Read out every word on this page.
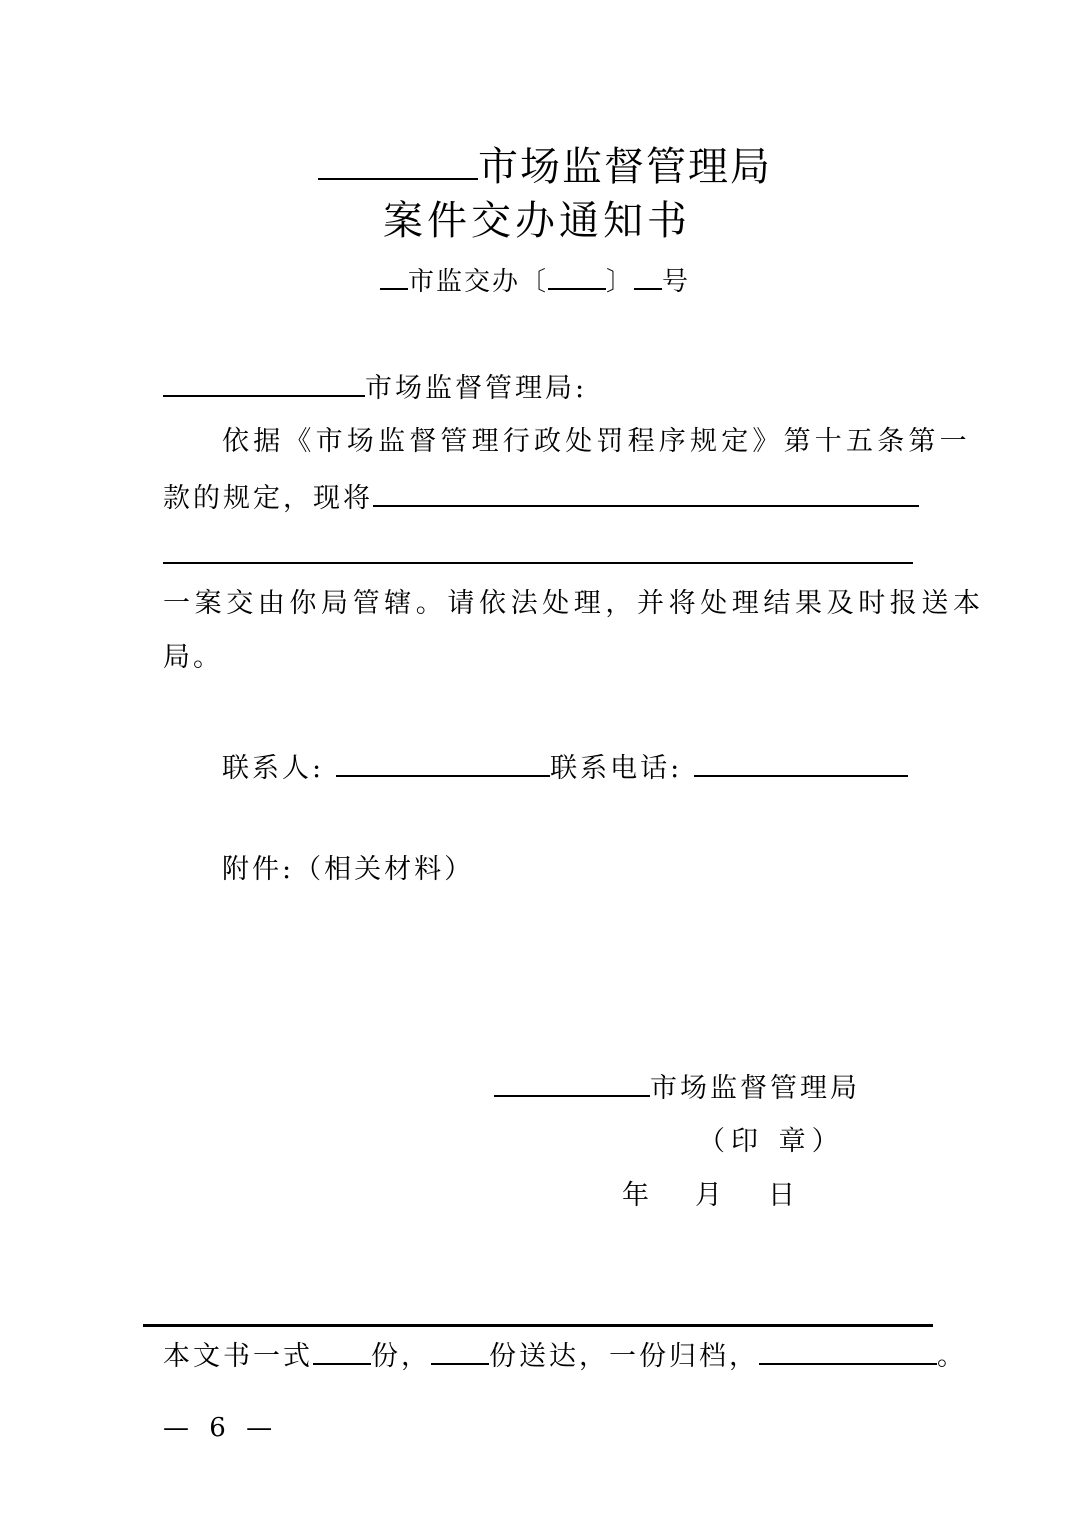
市场监督管理局
案件交办通知书
市监交办〔 〕 号
市场监督管理局:
依据《市场监督管理行政处罚程序规定》第十五条第一
款的规定，现将
一案交由你局管辖。请依法处理，并将处理结果及时报送本
局。
联系人:	联系电话:
附件:（相关材料）
市场监督管理局
（印 章）
年 月 日
本文书一式 份， 份送达，一份归档，	。
— 6 —
